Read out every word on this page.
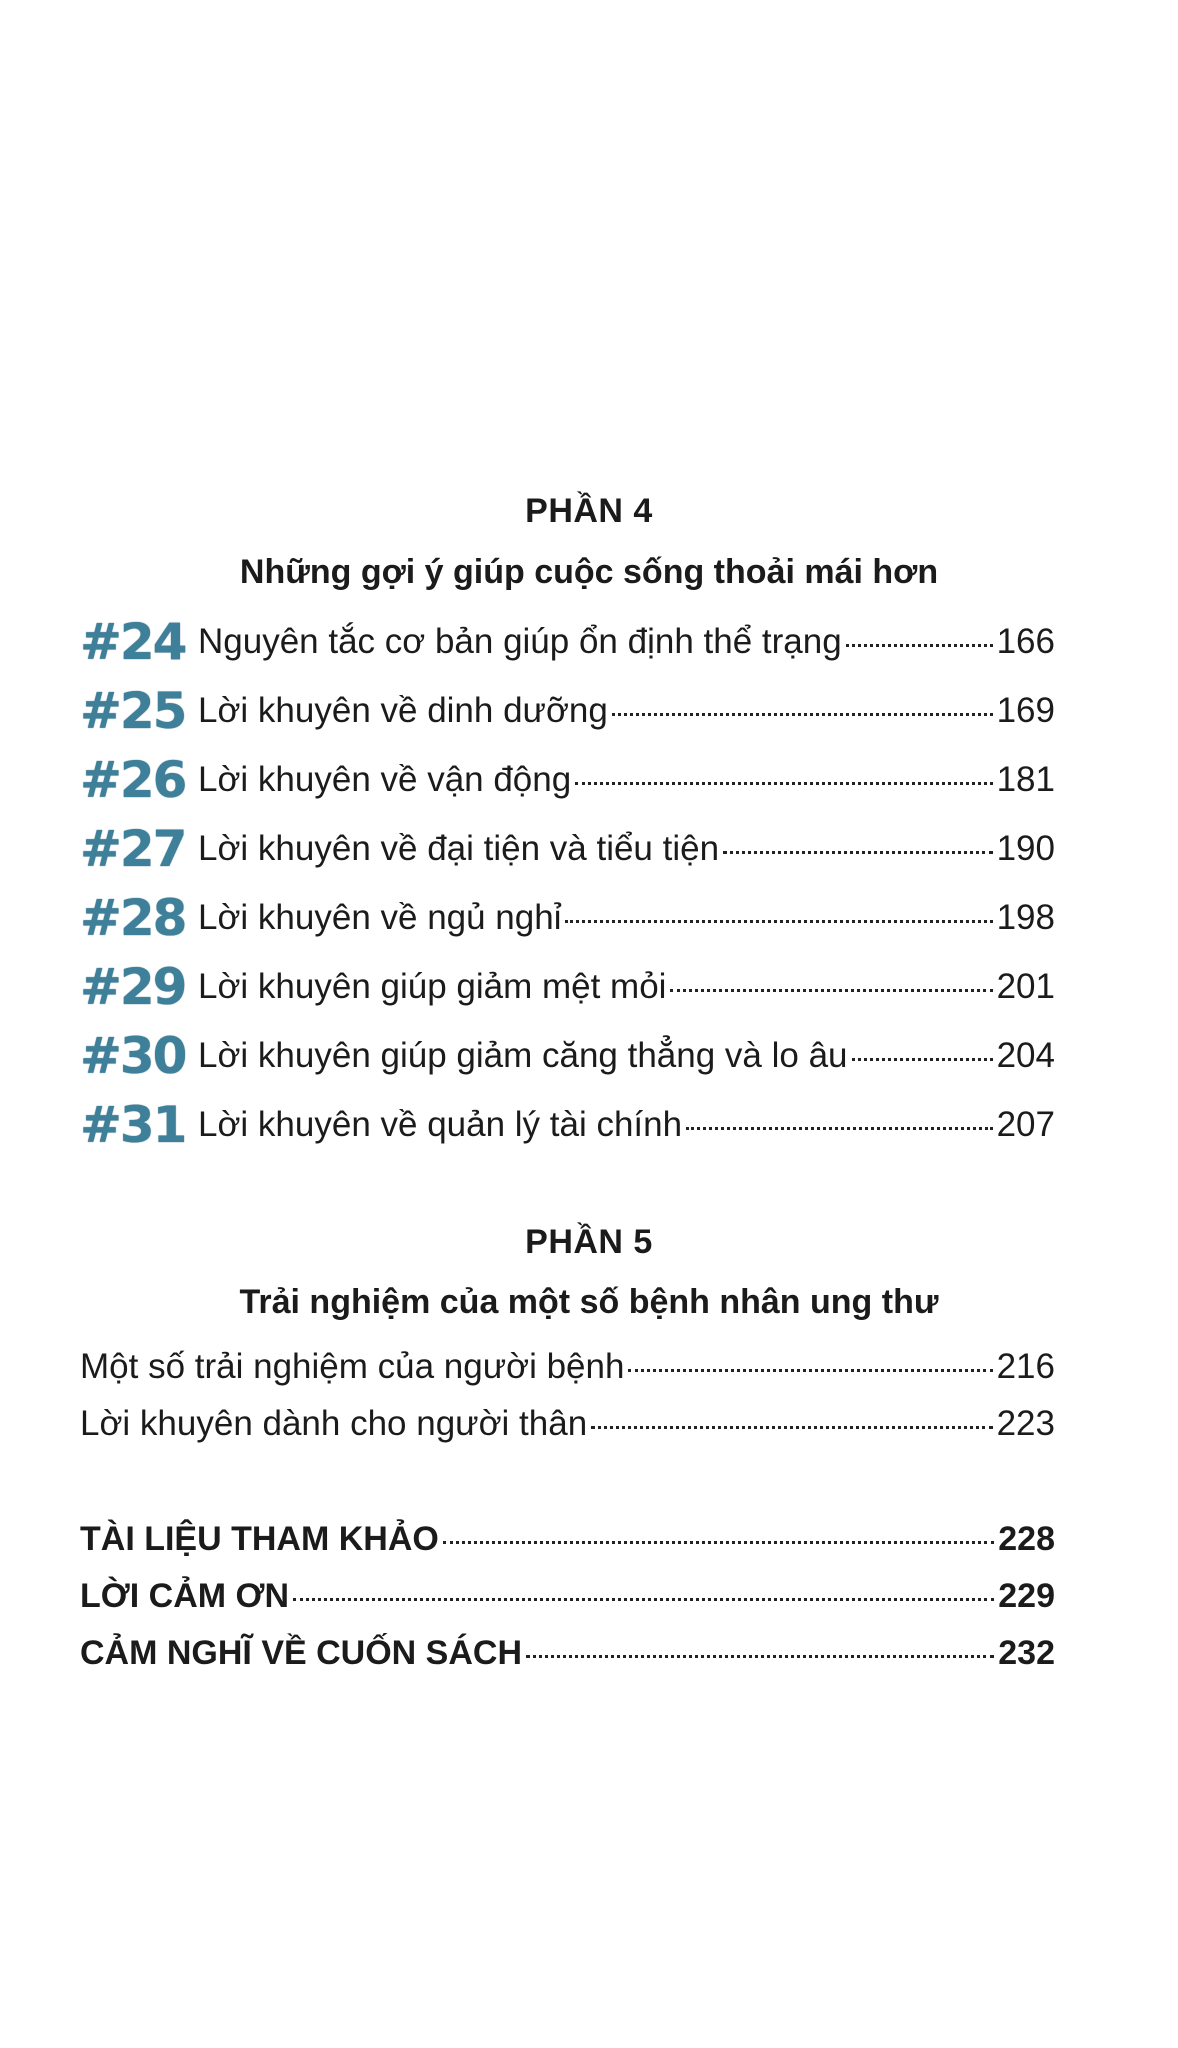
PHẦN 4
Những gợi ý giúp cuộc sống thoải mái hơn
#24 Nguyên tắc cơ bản giúp ổn định thể trạng	166
#25 Lời khuyên về dinh dưỡng	169
#26 Lời khuyên về vận động	181
#27 Lời khuyên về đại tiện và tiểu tiện	190
#28 Lời khuyên về ngủ nghỉ	198
#29 Lời khuyên giúp giảm mệt mỏi	201
#30 Lời khuyên giúp giảm căng thẳng và lo âu	204
#31 Lời khuyên về quản lý tài chính	207
PHẦN 5
Trải nghiệm của một số bệnh nhân ung thư
Một số trải nghiệm của người bệnh	216
Lời khuyên dành cho người thân	223
TÀI LIỆU THAM KHẢO	228
LỜI CẢM ƠN	229
CẢM NGHĨ VỀ CUỐN SÁCH	232
